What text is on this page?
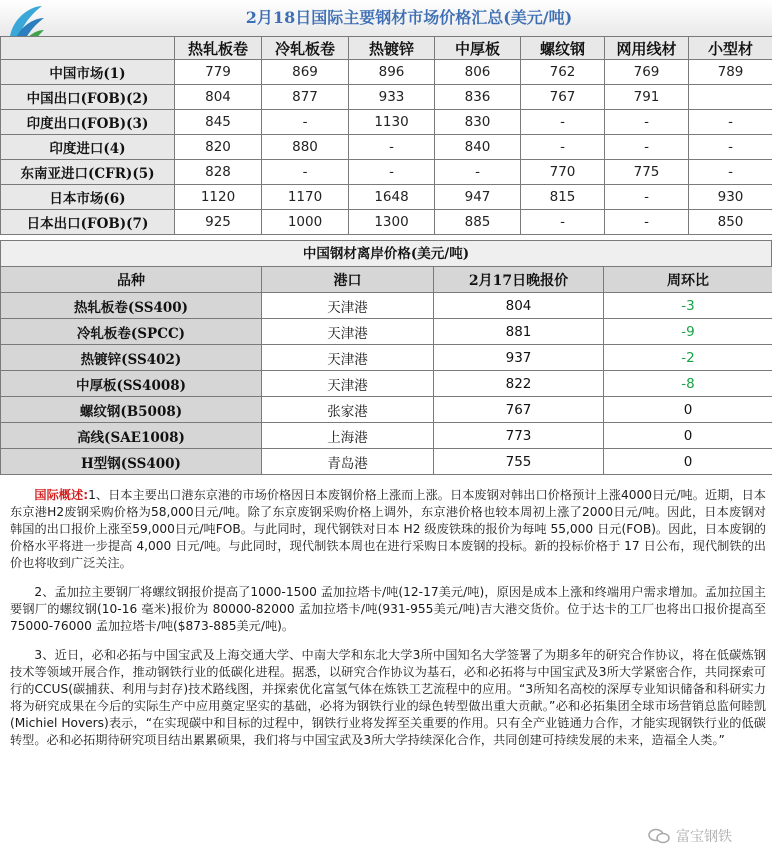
2月18日国际主要钢材市场价格汇总(美元/吨)
	热轧板卷	冷轧板卷	热镀锌	中厚板	螺纹钢	网用线材	小型材
中国市场(1)	779	869	896	806	762	769	789
中国出口(FOB)(2)	804	877	933	836	767	791	
印度出口(FOB)(3)	845	-	1130	830	-	-	-
印度进口(4)	820	880	-	840	-	-	-
东南亚进口(CFR)(5)	828	-	-	-	770	775	-
日本市场(6)	1120	1170	1648	947	815	-	930
日本出口(FOB)(7)	925	1000	1300	885	-	-	850
中国钢材离岸价格(美元/吨)
品种	港口	2月17日晚报价	周环比
热轧板卷(SS400)	天津港	804	-3
冷轧板卷(SPCC)	天津港	881	-9
热镀锌(SS402)	天津港	937	-2
中厚板(SS4008)	天津港	822	-8
螺纹钢(B5008)	张家港	767	0
高线(SAE1008)	上海港	773	0
H型钢(SS400)	青岛港	755	0

国际概述:1、日本主要出口港东京港的市场价格因日本废钢价格上涨而上涨。日本废钢对韩出口价格预计上涨4000日元/吨。近期，日本东京港H2废钢采购价格为58,000日元/吨。除了东京废钢采购价格上调外，东京港价格也较本周初上涨了2000日元/吨。因此，日本废钢对韩国的出口报价上涨至59,000日元/吨FOB。与此同时，现代钢铁对日本 H2 级废铁珠的报价为每吨 55,000 日元(FOB)。因此，日本废钢的价格水平将进一步提高 4,000 日元/吨。与此同时，现代制铁本周也在进行采购日本废钢的投标。新的投标价格于 17 日公布，现代制铁的出价也将收到广泛关注。

2、孟加拉主要钢厂将螺纹钢报价提高了1000-1500 孟加拉塔卡/吨(12-17美元/吨)，原因是成本上涨和终端用户需求增加。孟加拉国主要钢厂的螺纹钢(10-16 毫米)报价为 80000-82000 孟加拉塔卡/吨(931-955美元/吨)吉大港交货价。位于达卡的工厂也将出口报价提高至 75000-76000 孟加拉塔卡/吨($873-885美元/吨)。

3、近日，必和必拓与中国宝武及上海交通大学、中南大学和东北大学3所中国知名大学签署了为期多年的研究合作协议，将在低碳炼钢技术等领域开展合作，推动钢铁行业的低碳化进程。据悉，以研究合作协议为基石，必和必拓将与中国宝武及3所大学紧密合作，共同探索可行的CCUS(碳捕获、利用与封存)技术路线图，并探索优化富氢气体在炼铁工艺流程中的应用。“3所知名高校的深厚专业知识储备和科研实力将为研究成果在今后的实际生产中应用奠定坚实的基础，必将为钢铁行业的绿色转型做出重大贡献。”必和必拓集团全球市场营销总监何睦凯(Michiel Hovers)表示，“在实现碳中和目标的过程中，钢铁行业将发挥至关重要的作用。只有全产业链通力合作，才能实现钢铁行业的低碳转型。必和必拓期待研究项目结出累累硕果，我们将与中国宝武及3所大学持续深化合作，共同创建可持续发展的未来，造福全人类。”

富宝钢铁
